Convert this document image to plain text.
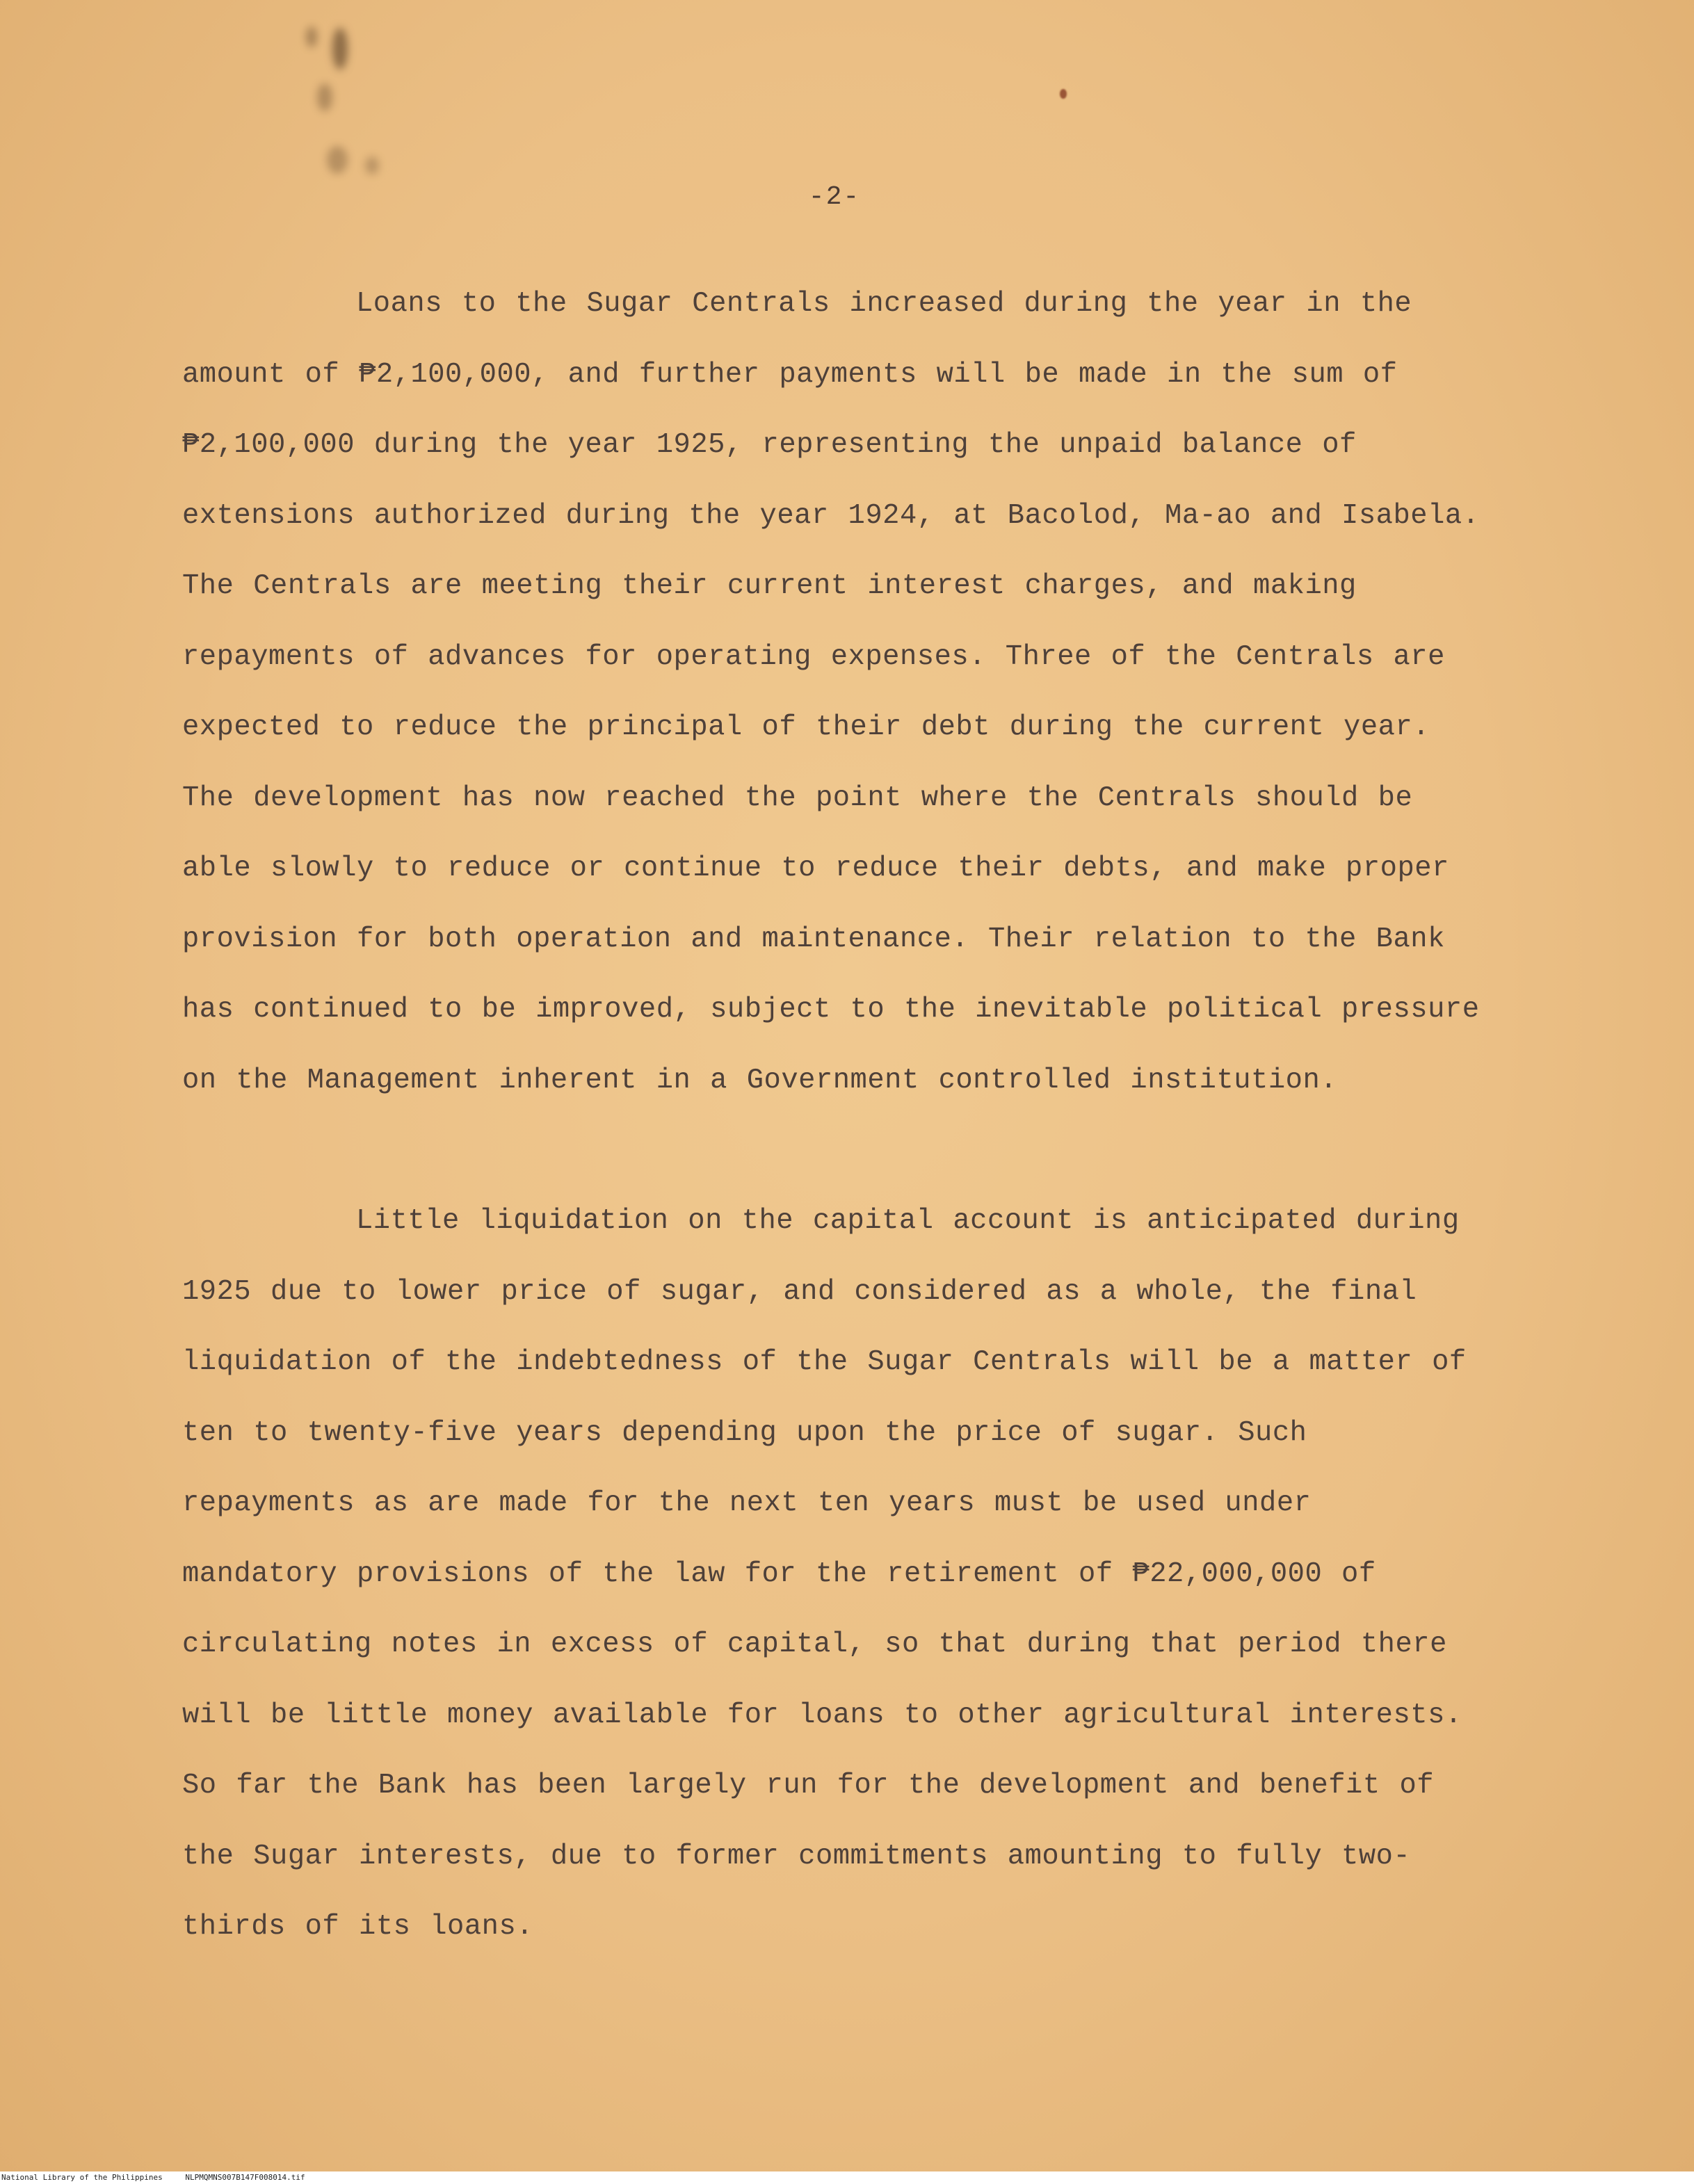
-2-

Loans to the Sugar Centrals increased during the year in the amount of ₱2,100,000, and further payments will be made in the sum of ₱2,100,000 during the year 1925, representing the unpaid balance of extensions authorized during the year 1924, at Bacolod, Ma-ao and Isabela. The Centrals are meeting their current interest charges, and making repayments of advances for operating expenses. Three of the Centrals are expected to reduce the principal of their debt during the current year. The development has now reached the point where the Centrals should be able slowly to reduce or continue to reduce their debts, and make proper provision for both operation and maintenance. Their relation to the Bank has continued to be improved, subject to the inevitable political pressure on the Management inherent in a Government controlled institution.

Little liquidation on the capital account is anticipated during 1925 due to lower price of sugar, and considered as a whole, the final liquidation of the indebtedness of the Sugar Centrals will be a matter of ten to twenty-five years depending upon the price of sugar. Such repayments as are made for the next ten years must be used under mandatory provisions of the law for the retirement of ₱22,000,000 of circulating notes in excess of capital, so that during that period there will be little money available for loans to other agricultural interests. So far the Bank has been largely run for the development and benefit of the Sugar interests, due to former commitments amounting to fully two-thirds of its loans.

National Library of the Philippines	NLPMQMNS007B147F008014.tif
